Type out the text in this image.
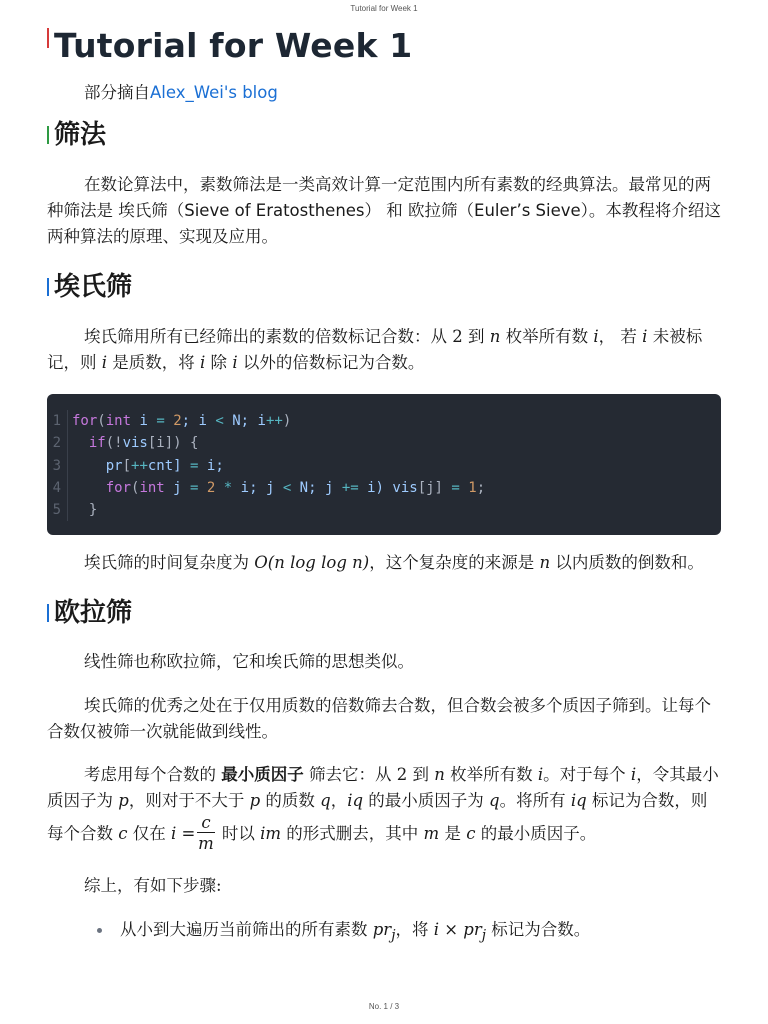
Tutorial for Week 1
Tutorial for Week 1

部分摘自Alex_Wei's blog

筛法

在数论算法中，素数筛法是一类高效计算一定范围内所有素数的经典算法。最常见的两种筛法是 埃氏筛（Sieve of Eratosthenes） 和 欧拉筛（Euler’s Sieve）。本教程将介绍这两种算法的原理、实现及应用。

埃氏筛

埃氏筛用所有已经筛出的素数的倍数标记合数：从 2 到 n 枚举所有数 i， 若 i 未被标记，则 i 是质数，将 i 除 i 以外的倍数标记为合数。

1 for(int i = 2; i < N; i++)
2	if(!vis[i]) {
3	pr[++cnt] = i;
4	for(int j = 2 * i; j < N; j += i) vis[j] = 1;
5 }

埃氏筛的时间复杂度为 O(n log log n)，这个复杂度的来源是 n 以内质数的倒数和。

欧拉筛

线性筛也称欧拉筛，它和埃氏筛的思想类似。

埃氏筛的优秀之处在于仅用质数的倍数筛去合数，但合数会被多个质因子筛到。让每个合数仅被筛一次就能做到线性。

考虑用每个合数的 最小质因子 筛去它：从 2 到 n 枚举所有数 i。对于每个 i，令其最小质因子为 p，则对于不大于 p 的质数 q，iq 的最小质因子为 q。将所有 iq 标记为合数，则每个合数 c 仅在 $i = \frac{c}{m}$ 时以 im 的形式删去，其中 m 是 c 的最小质因子。

综上，有如下步骤:

从小到大遍历当前筛出的所有素数 $pr_j$，将 $i \times pr_j$ 标记为合数。
No. 1 / 3
